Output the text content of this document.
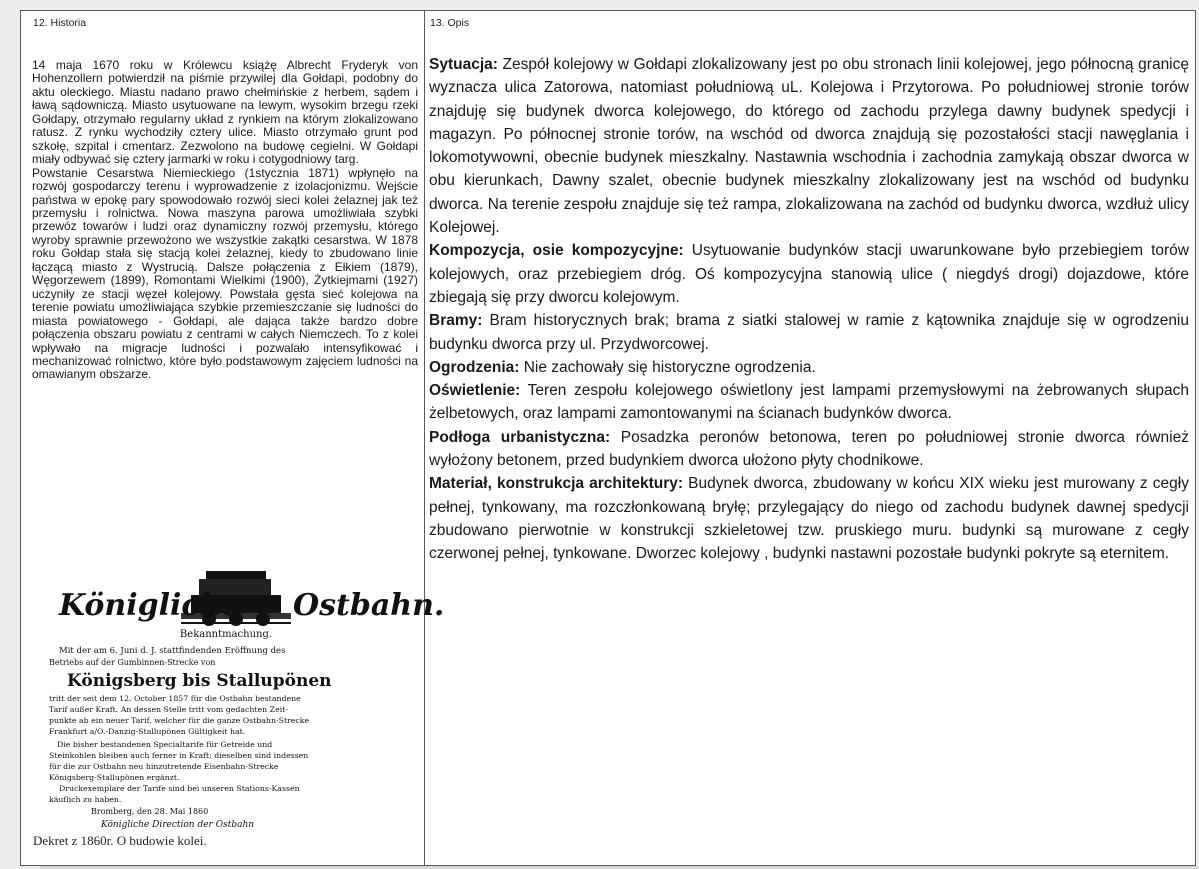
12. Historia	13. Opis

14 maja 1670 roku w Królewcu książę Albrecht Fryderyk von Hohenzollern potwierdził na piśmie przywilej dla Gołdapi, podobny do aktu oleckiego. Miastu nadano prawo chełmińskie z herbem, sądem i ławą sądowniczą. Miasto usytuowane na lewym, wysokim brzegu rzeki Gołdapy, otrzymało regularny układ z rynkiem na którym zlokalizowano ratusz. Z rynku wychodziły cztery ulice. Miasto otrzymało grunt pod szkołę, szpital i cmentarz. Zezwolono na budowę cegielni. W Gołdapi miały odbywać się cztery jarmarki w roku i cotygodniowy targ.

Powstanie Cesarstwa Niemieckiego (1stycznia 1871) wpłynęło na rozwój gospodarczy terenu i wyprowadzenie z izolacjonizmu. Wejście państwa w epokę pary spowodowało rozwój sieci kolei żelaznej jak też przemysłu i rolnictwa. Nowa maszyna parowa umożliwiała szybki przewóz towarów i ludzi oraz dynamiczny rozwój przemysłu, którego wyroby sprawnie przewożono we wszystkie zakątki cesarstwa. W 1878 roku Gołdap stała się stacją kolei żelaznej, kiedy to zbudowano linie łączącą miasto z Wystrucią. Dalsze połączenia z Ełkiem (1879), Węgorzewem (1899), Romontami Wielkimi (1900), Żytkiejmami (1927) uczyniły ze stacji węzeł kolejowy. Powstała gęsta sieć kolejowa na terenie powiatu umożliwiająca szybkie przemieszczanie się ludności do miasta powiatowego - Gołdapi, ale dająca także bardzo dobre połączenia obszaru powiatu z centrami w całych Niemczech. To z kolei wpływało na migracje ludności i pozwalało intensyfikować i mechanizować rolnictwo, które było podstawowym zajęciem ludności na omawianym obszarze.

Königliche Ostbahn.
Bekanntmachung.
Mit der am 6. Juni d. J. stattfindenden Eröffnung des
Betriebs auf der Gumbinnen-Strecke von
Königsberg bis Stallupönen
tritt der seit dem 12. October 1857 für die Ostbahn bestandene
Tarif außer Kraft. An dessen Stelle tritt vom gedachten Zeit-
punkte ab ein neuer Tarif, welcher für die ganze Ostbahn-Strecke
Frankfurt a/O.-Danzig-Stallupönen Gültigkeit hat.
Die bisher bestandenen Specialtarife für Getreide und
Steinkohlen bleiben auch ferner in Kraft; dieselben sind indessen
für die zur Ostbahn neu hinzutretende Eisenbahn-Strecke
Königsberg-Stallupönen ergänzt.
Druckexemplare der Tarife sind bei unseren Stations-Kassen
käuflich zu haben.
Bromberg, den 28. Mai 1860
Königliche Direction der Ostbahn
Dekret z 1860r. O budowie kolei.

Sytuacja: Zespół kolejowy w Gołdapi zlokalizowany jest po obu stronach linii kolejowej, jego północną granicę wyznacza ulica Zatorowa, natomiast południową uL. Kolejowa i Przytorowa. Po południowej stronie torów znajduję się budynek dworca kolejowego, do którego od zachodu przylega dawny budynek spedycji i magazyn. Po północnej stronie torów, na wschód od dworca znajdują się pozostałości stacji nawęglania i lokomotywowni, obecnie budynek mieszkalny. Nastawnia wschodnia i zachodnia zamykają obszar dworca w obu kierunkach, Dawny szalet, obecnie budynek mieszkalny zlokalizowany jest na wschód od budynku dworca. Na terenie zespołu znajduje się też rampa, zlokalizowana na zachód od budynku dworca, wzdłuż ulicy Kolejowej.

Kompozycja, osie kompozycyjne: Usytuowanie budynków stacji uwarunkowane było przebiegiem torów kolejowych, oraz przebiegiem dróg. Oś kompozycyjna stanowią ulice ( niegdyś drogi) dojazdowe, które zbiegają się przy dworcu kolejowym.

Bramy: Bram historycznych brak; brama z siatki stalowej w ramie z kątownika znajduje się w ogrodzeniu budynku dworca przy ul. Przydworcowej.

Ogrodzenia: Nie zachowały się historyczne ogrodzenia.

Oświetlenie: Teren zespołu kolejowego oświetlony jest lampami przemysłowymi na żebrowanych słupach żelbetowych, oraz lampami zamontowanymi na ścianach budynków dworca.

Podłoga urbanistyczna: Posadzka peronów betonowa, teren po południowej stronie dworca również wyłożony betonem, przed budynkiem dworca ułożono płyty chodnikowe.

Materiał, konstrukcja architektury: Budynek dworca, zbudowany w końcu XIX wieku jest murowany z cegły pełnej, tynkowany, ma rozczłonkowaną bryłę; przylegający do niego od zachodu budynek dawnej spedycji zbudowano pierwotnie w konstrukcji szkieletowej tzw. pruskiego muru. budynki są murowane z cegły czerwonej pełnej, tynkowane. Dworzec kolejowy , budynki nastawni pozostałe budynki pokryte są eternitem.
